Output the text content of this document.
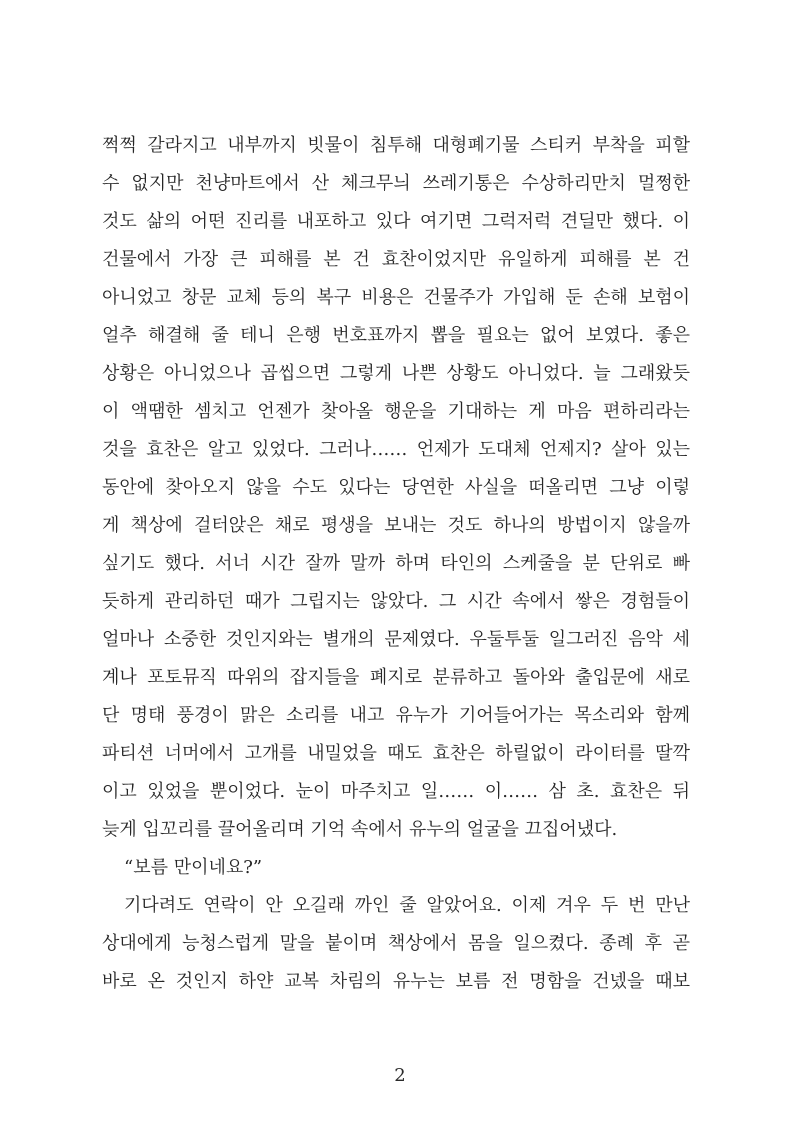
쩍쩍 갈라지고 내부까지 빗물이 침투해 대형폐기물 스티커 부착을 피할
수 없지만 천냥마트에서 산 체크무늬 쓰레기통은 수상하리만치 멀쩡한
것도 삶의 어떤 진리를 내포하고 있다 여기면 그럭저럭 견딜만 했다. 이
건물에서 가장 큰 피해를 본 건 효찬이었지만 유일하게 피해를 본 건
아니었고 창문 교체 등의 복구 비용은 건물주가 가입해 둔 손해 보험이
얼추 해결해 줄 테니 은행 번호표까지 뽑을 필요는 없어 보였다. 좋은
상황은 아니었으나 곱씹으면 그렇게 나쁜 상황도 아니었다. 늘 그래왔듯
이 액땜한 셈치고 언젠가 찾아올 행운을 기대하는 게 마음 편하리라는
것을 효찬은 알고 있었다. 그러나…… 언제가 도대체 언제지? 살아 있는
동안에 찾아오지 않을 수도 있다는 당연한 사실을 떠올리면 그냥 이렇
게 책상에 걸터앉은 채로 평생을 보내는 것도 하나의 방법이지 않을까
싶기도 했다. 서너 시간 잘까 말까 하며 타인의 스케줄을 분 단위로 빠
듯하게 관리하던 때가 그립지는 않았다. 그 시간 속에서 쌓은 경험들이
얼마나 소중한 것인지와는 별개의 문제였다. 우둘투둘 일그러진 음악 세
계나 포토뮤직 따위의 잡지들을 폐지로 분류하고 돌아와 출입문에 새로
단 명태 풍경이 맑은 소리를 내고 유누가 기어들어가는 목소리와 함께
파티션 너머에서 고개를 내밀었을 때도 효찬은 하릴없이 라이터를 딸깍
이고 있었을 뿐이었다. 눈이 마주치고 일…… 이…… 삼 초. 효찬은 뒤
늦게 입꼬리를 끌어올리며 기억 속에서 유누의 얼굴을 끄집어냈다.
“보름 만이네요?”
기다려도 연락이 안 오길래 까인 줄 알았어요. 이제 겨우 두 번 만난
상대에게 능청스럽게 말을 붙이며 책상에서 몸을 일으켰다. 종례 후 곧
바로 온 것인지 하얀 교복 차림의 유누는 보름 전 명함을 건넸을 때보
2
